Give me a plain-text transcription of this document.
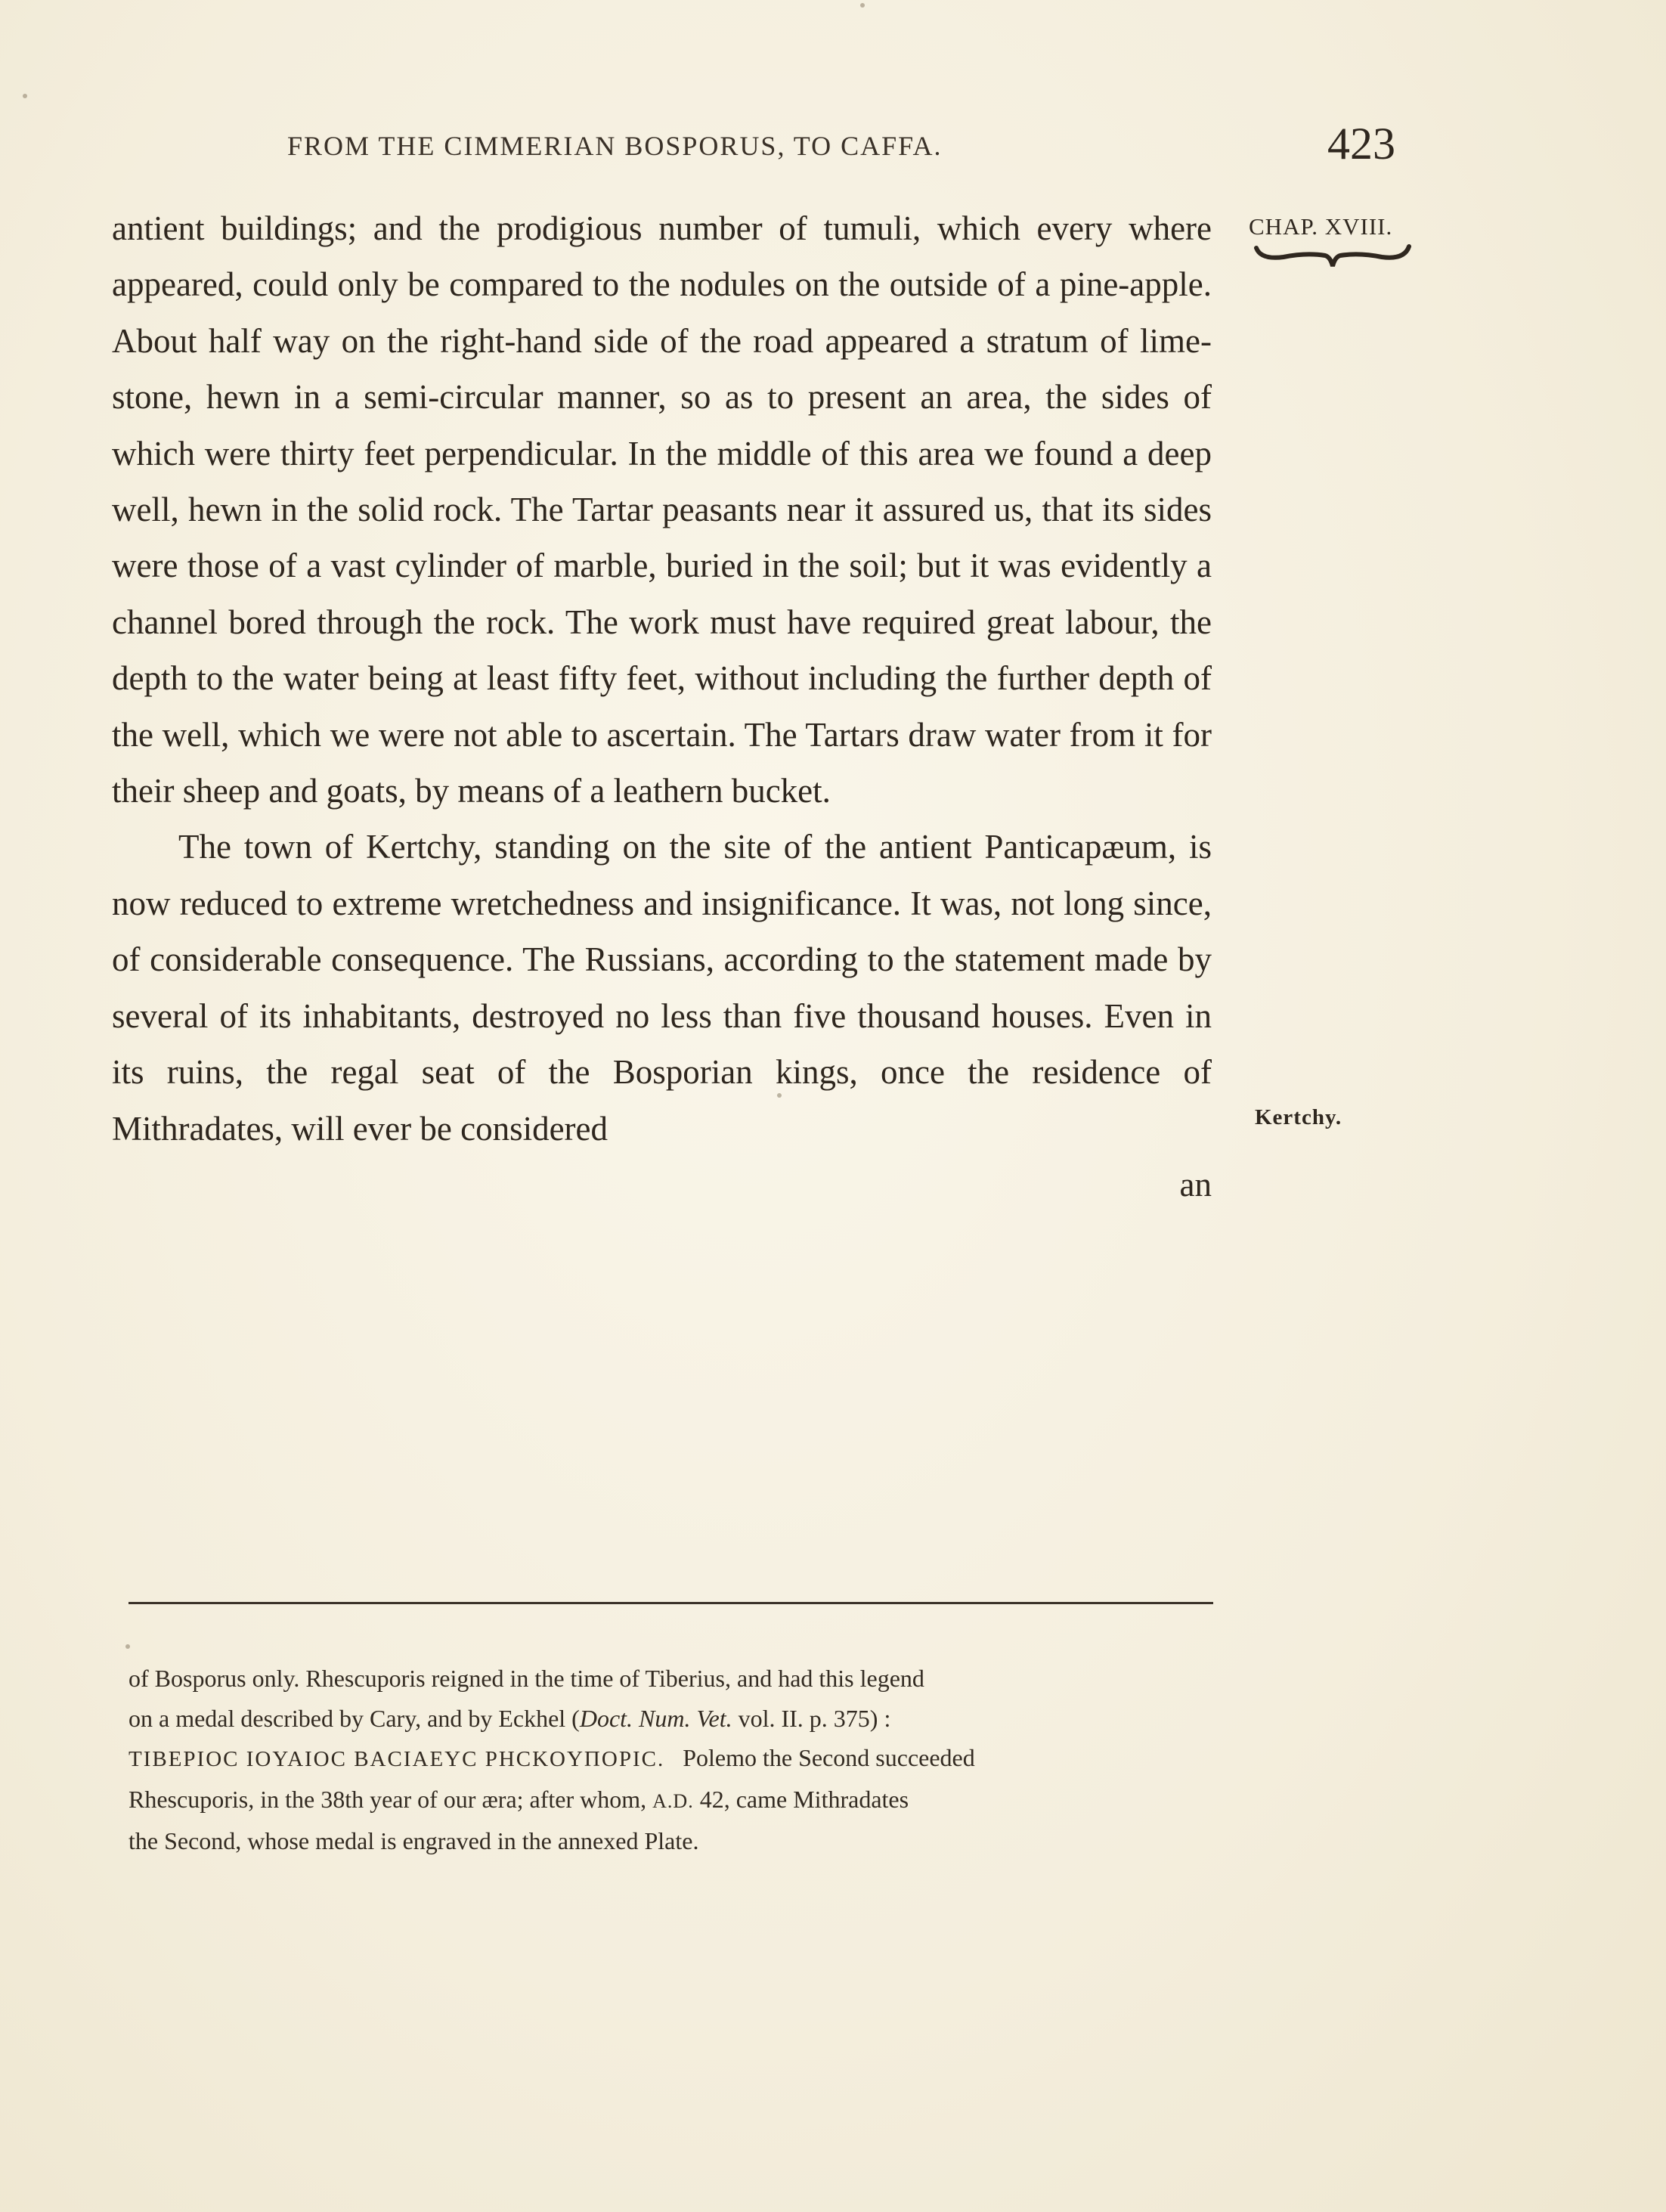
FROM THE CIMMERIAN BOSPORUS, TO CAFFA.	423
CHAP. XVIII.
Kertchy.

antient buildings; and the prodigious number of tumuli, which every where appeared, could only be compared to the nodules on the outside of a pine-apple. About half way on the right-hand side of the road appeared a stratum of lime-stone, hewn in a semi-circular manner, so as to present an area, the sides of which were thirty feet perpendicular. In the middle of this area we found a deep well, hewn in the solid rock. The Tartar peasants near it assured us, that its sides were those of a vast cylinder of marble, buried in the soil; but it was evidently a channel bored through the rock. The work must have required great labour, the depth to the water being at least fifty feet, without including the further depth of the well, which we were not able to ascertain. The Tartars draw water from it for their sheep and goats, by means of a leathern bucket.

The town of Kertchy, standing on the site of the antient Panticapæum, is now reduced to extreme wretchedness and insignificance. It was, not long since, of considerable consequence. The Russians, according to the statement made by several of its inhabitants, destroyed no less than five thousand houses. Even in its ruins, the regal seat of the Bosporian kings, once the residence of Mithradates, will ever be considered

an

of Bosporus only. Rhescuporis reigned in the time of Tiberius, and had this legend
on a medal described by Cary, and by Eckhel (Doct. Num. Vet. vol. II. p. 375) :
TIBEPIOC IOYAIOC BACIAEYC PHCKOYΠOPIC.   Polemo the Second succeeded
Rhescuporis, in the 38th year of our æra; after whom, A.D. 42, came Mithradates
the Second, whose medal is engraved in the annexed Plate.
